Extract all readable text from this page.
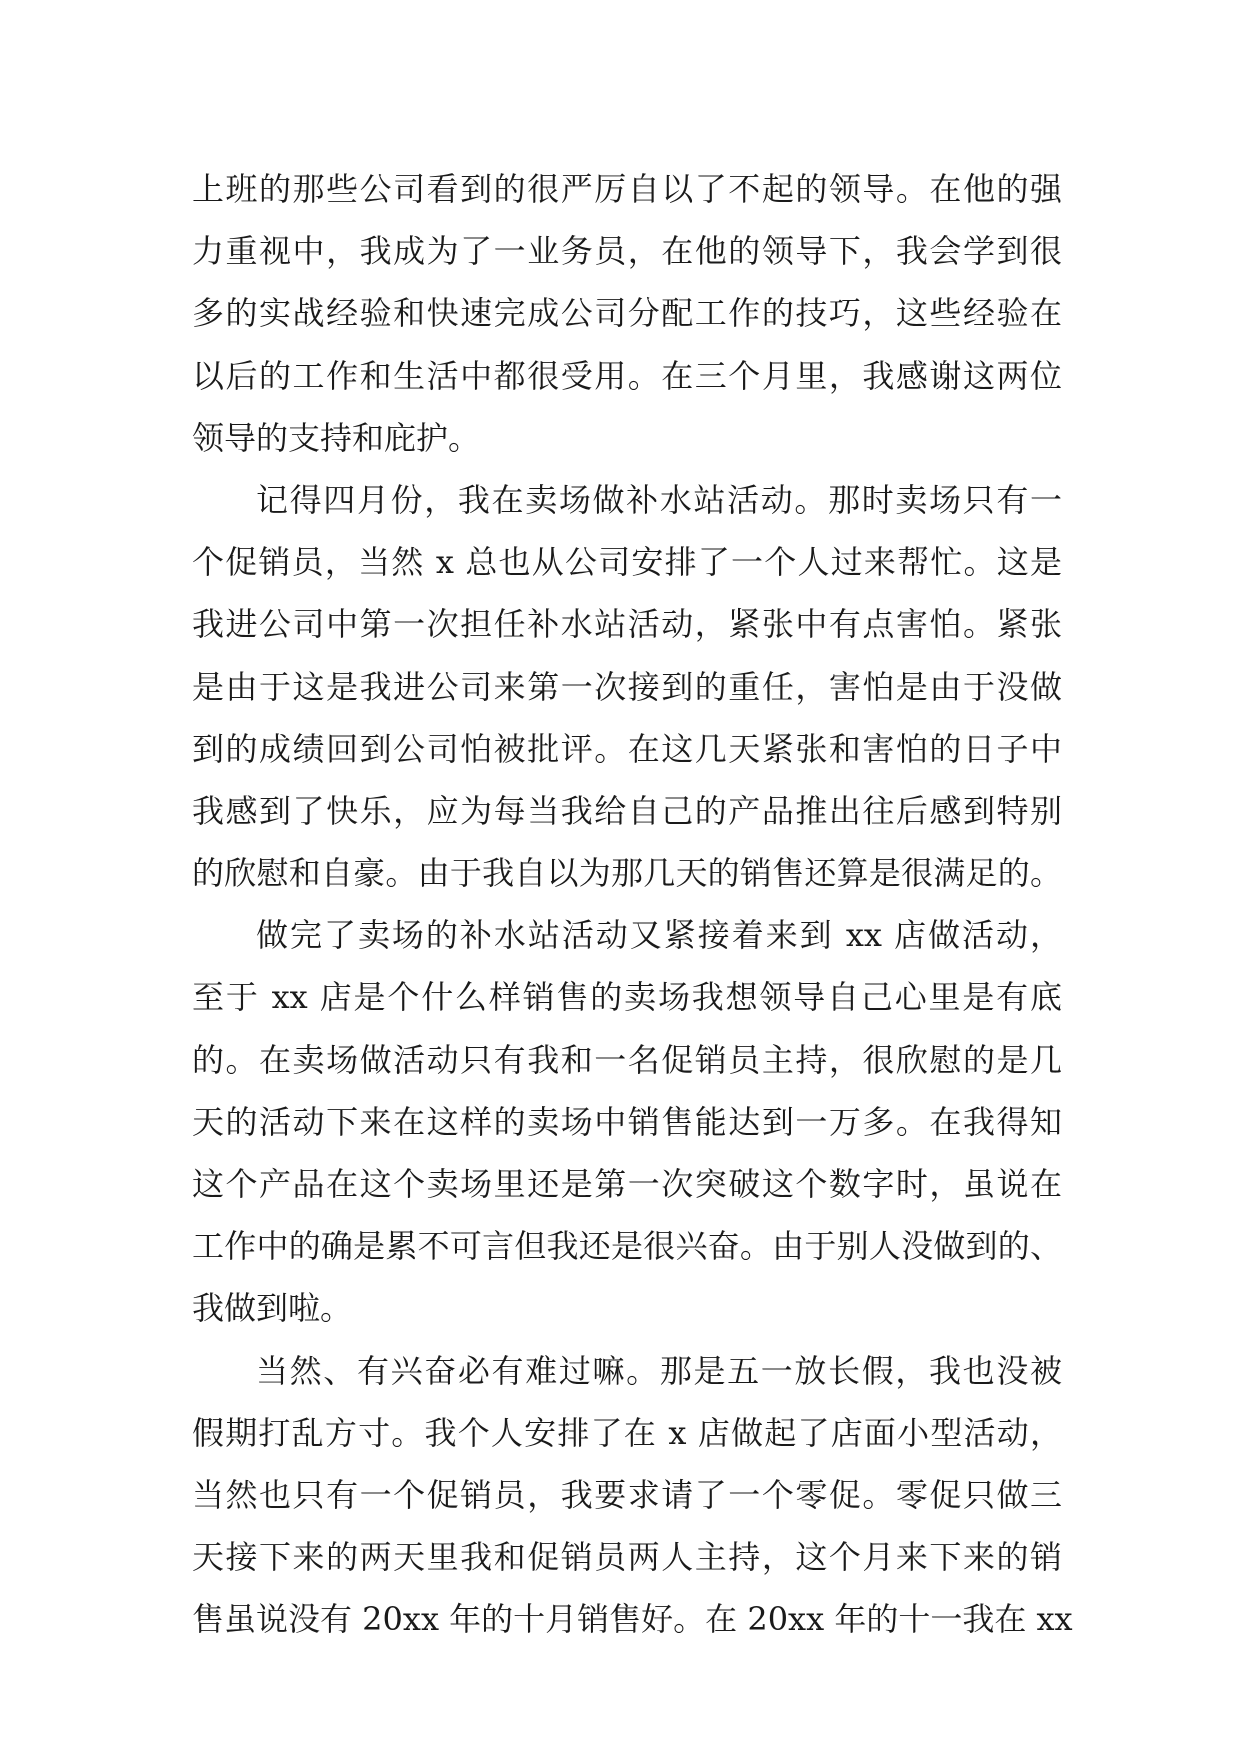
上班的那些公司看到的很严厉自以了不起的领导。在他的强
力重视中，我成为了一业务员，在他的领导下，我会学到很
多的实战经验和快速完成公司分配工作的技巧，这些经验在
以后的工作和生活中都很受用。在三个月里，我感谢这两位
领导的支持和庇护。
记得四月份，我在卖场做补水站活动。那时卖场只有一
个促销员，当然 x 总也从公司安排了一个人过来帮忙。这是
我进公司中第一次担任补水站活动，紧张中有点害怕。紧张
是由于这是我进公司来第一次接到的重任，害怕是由于没做
到的成绩回到公司怕被批评。在这几天紧张和害怕的日子中
我感到了快乐，应为每当我给自己的产品推出往后感到特别
的欣慰和自豪。由于我自以为那几天的销售还算是很满足的。
做完了卖场的补水站活动又紧接着来到 xx 店做活动，
至于 xx 店是个什么样销售的卖场我想领导自己心里是有底
的。在卖场做活动只有我和一名促销员主持，很欣慰的是几
天的活动下来在这样的卖场中销售能达到一万多。在我得知
这个产品在这个卖场里还是第一次突破这个数字时，虽说在
工作中的确是累不可言但我还是很兴奋。由于别人没做到的、
我做到啦。
当然、有兴奋必有难过嘛。那是五一放长假，我也没被
假期打乱方寸。我个人安排了在 x 店做起了店面小型活动，
当然也只有一个促销员，我要求请了一个零促。零促只做三
天接下来的两天里我和促销员两人主持，这个月来下来的销
售虽说没有 20xx 年的十月销售好。在 20xx 年的十一我在 xx
